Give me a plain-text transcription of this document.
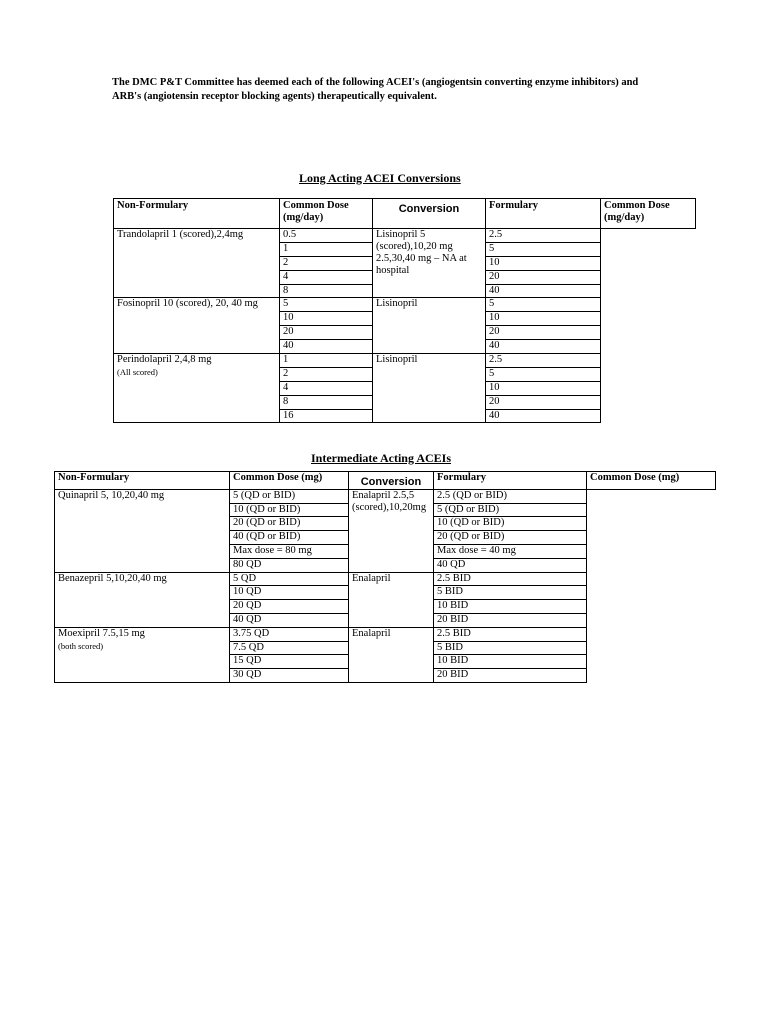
The DMC P&T Committee has deemed each of the following ACEI's (angiogentsin converting enzyme inhibitors) and ARB's (angiotensin receptor blocking agents) therapeutically equivalent.
Long Acting ACEI Conversions
Non-Formulary	Common Dose (mg/day)	Conversion	Formulary	Common Dose (mg/day)

Trandolapril 1 (scored),2,4mg	0.5	Lisinopril 5 (scored),10,20 mg 2.5,30,40 mg – NA at hospital	2.5	
	1		5	
	2		10	
	4		20	
	8		40	

Fosinopril 10 (scored), 20, 40 mg	5	Lisinopril	5	
	10		10	
	20		20	
	40		40	

Perindolapril 2,4,8 mg
(All scored)	1	Lisinopril	2.5	
	2		5	
	4		10	
	8		20	
	16		40	
Intermediate Acting ACEIs
Non-Formulary	Common Dose (mg)	Conversion	Formulary	Common Dose (mg)

Quinapril 5, 10,20,40 mg	5 (QD or BID)	Enalapril 2.5,5 (scored),10,20mg	2.5 (QD or BID)	
	10 (QD or BID)		5 (QD or BID)	
	20 (QD or BID)		10 (QD or BID)	
	40 (QD or BID)		20 (QD or BID)	
	Max dose = 80 mg		Max dose = 40 mg	
	80 QD		40 QD	

Benazepril 5,10,20,40 mg	5 QD	Enalapril	2.5 BID	
	10 QD		5 BID	
	20 QD		10 BID	
	40 QD		20 BID	

Moexipril 7.5,15 mg
(both scored)	3.75 QD	Enalapril	2.5 BID	
	7.5 QD		5 BID	
	15 QD		10 BID	
	30 QD		20 BID	
